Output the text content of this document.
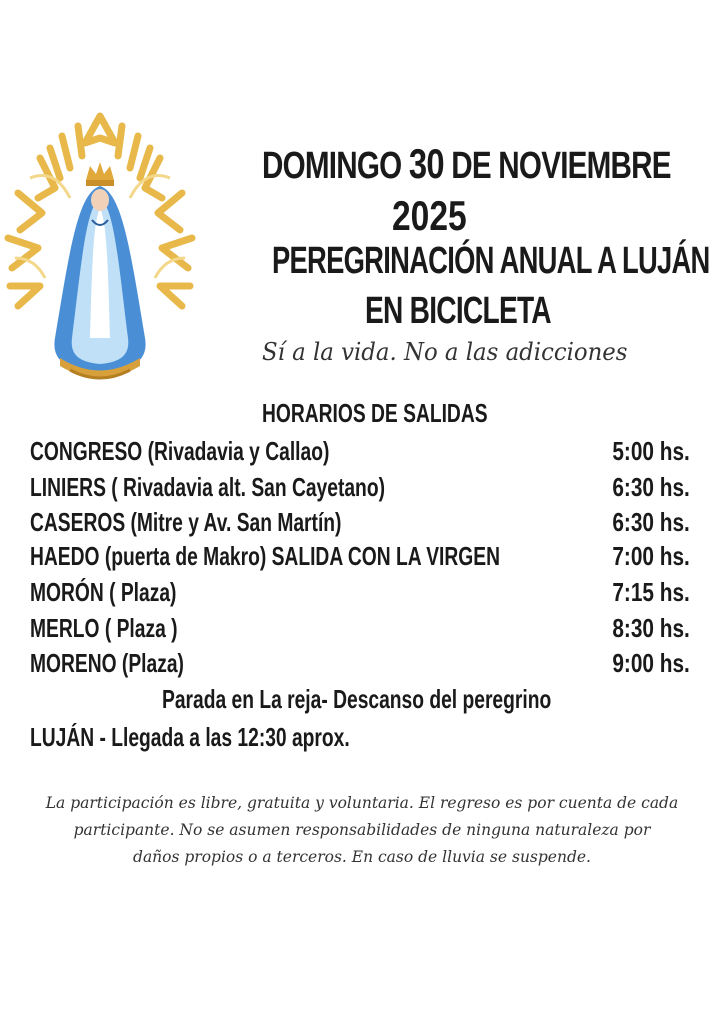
DOMINGO 30 DE NOVIEMBRE
2025
PEREGRINACIÓN ANUAL A LUJÁN
EN BICICLETA
Sí a la vida. No a las adicciones
HORARIOS DE SALIDAS
CONGRESO (Rivadavia y Callao)	5:00 hs.
LINIERS ( Rivadavia alt. San Cayetano)	6:30 hs.
CASEROS (Mitre y Av. San Martín)	6:30 hs.
HAEDO (puerta de Makro) SALIDA CON LA VIRGEN	7:00 hs.
MORÓN ( Plaza)	7:15 hs.
MERLO ( Plaza )	8:30 hs.
MORENO (Plaza)	9:00 hs.
Parada en La reja- Descanso del peregrino
LUJÁN - Llegada a las 12:30 aprox.
La participación es libre, gratuita y voluntaria. El regreso es por cuenta de cada
participante. No se asumen responsabilidades de ninguna naturaleza por
daños propios o a terceros. En caso de lluvia se suspende.
